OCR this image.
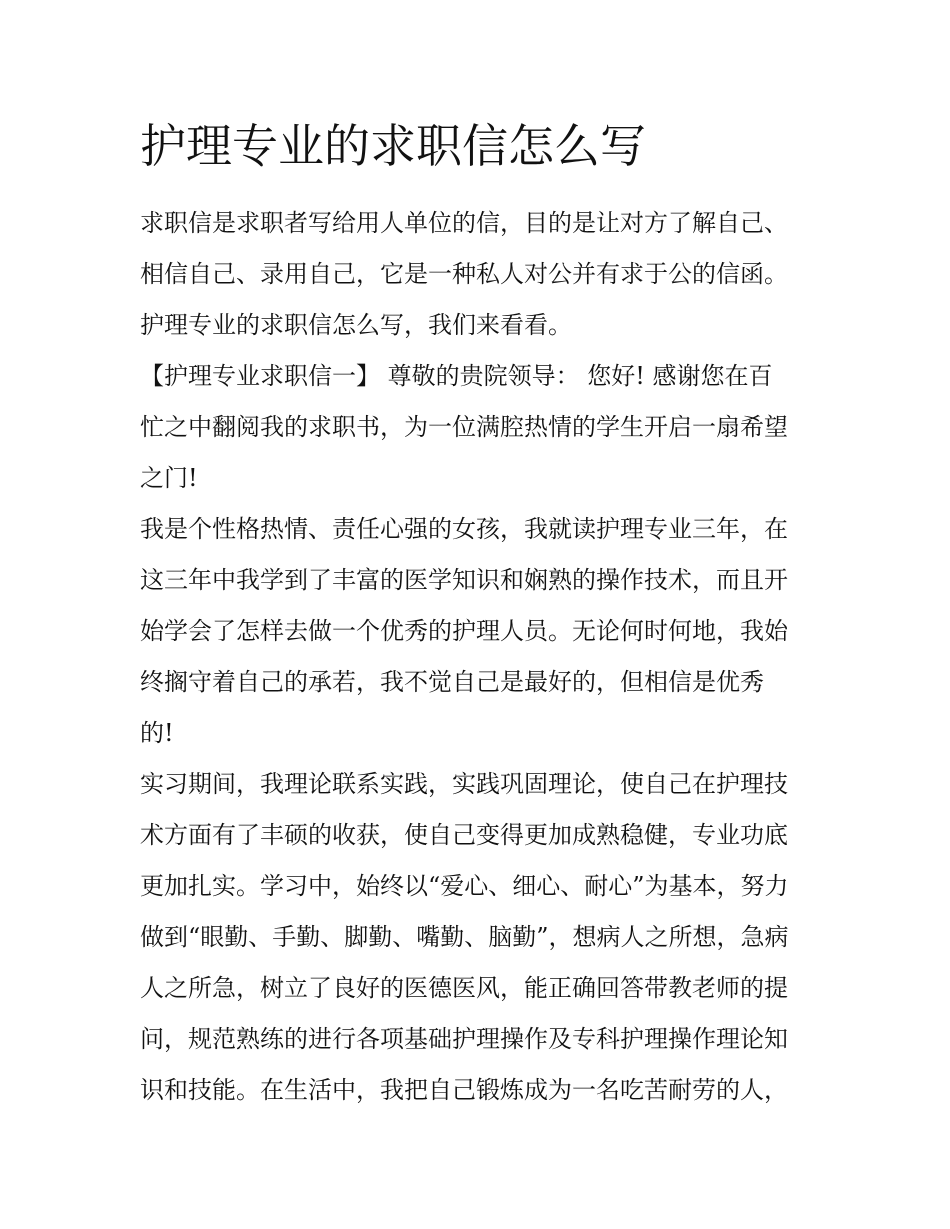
护理专业的求职信怎么写

求职信是求职者写给用人单位的信，目的是让对方了解自己、

相信自己、录用自己，它是一种私人对公并有求于公的信函。

护理专业的求职信怎么写，我们来看看。

【护理专业求职信一】 尊敬的贵院领导： 您好! 感谢您在百

忙之中翻阅我的求职书，为一位满腔热情的学生开启一扇希望

之门!

我是个性格热情、责任心强的女孩，我就读护理专业三年，在

这三年中我学到了丰富的医学知识和娴熟的操作技术，而且开

始学会了怎样去做一个优秀的护理人员。无论何时何地，我始

终搁守着自己的承若，我不觉自己是最好的，但相信是优秀

的!

实习期间，我理论联系实践，实践巩固理论，使自己在护理技

术方面有了丰硕的收获，使自己变得更加成熟稳健，专业功底

更加扎实。学习中，始终以“爱心、细心、耐心”为基本，努力

做到“眼勤、手勤、脚勤、嘴勤、脑勤”，想病人之所想，急病

人之所急，树立了良好的医德医风，能正确回答带教老师的提

问，规范熟练的进行各项基础护理操作及专科护理操作理论知

识和技能。在生活中，我把自己锻炼成为一名吃苦耐劳的人，
